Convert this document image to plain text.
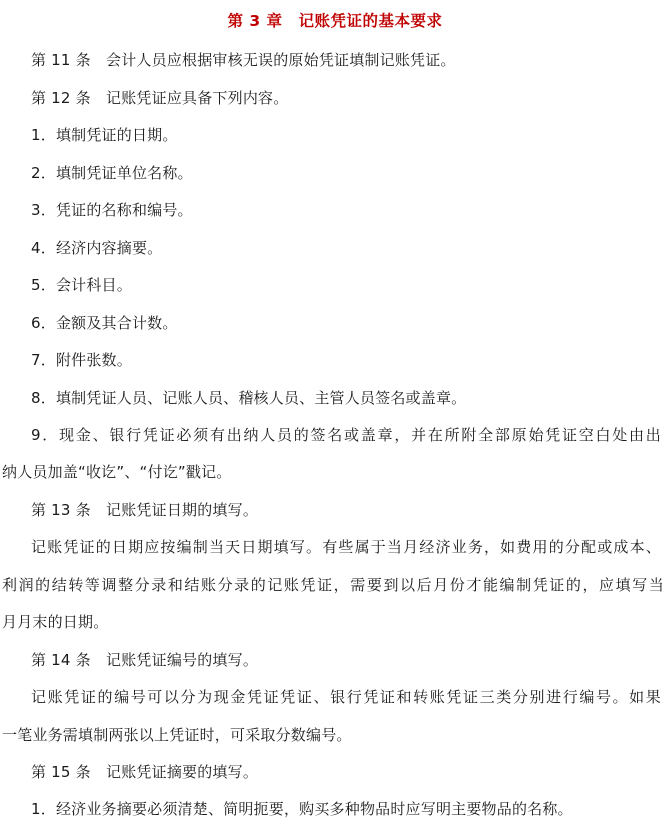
第 3 章　记账凭证的基本要求
第 11 条　会计人员应根据审核无误的原始凭证填制记账凭证。
第 12 条　记账凭证应具备下列内容。
1．填制凭证的日期。
2．填制凭证单位名称。
3．凭证的名称和编号。
4．经济内容摘要。
5．会计科目。
6．金额及其合计数。
7．附件张数。
8．填制凭证人员、记账人员、稽核人员、主管人员签名或盖章。
9．现金、银行凭证必须有出纳人员的签名或盖章，并在所附全部原始凭证空白处由出
纳人员加盖“收讫”、“付讫”戳记。
第 13 条　记账凭证日期的填写。
记账凭证的日期应按编制当天日期填写。有些属于当月经济业务，如费用的分配或成本、
利润的结转等调整分录和结账分录的记账凭证，需要到以后月份才能编制凭证的，应填写当
月月末的日期。
第 14 条　记账凭证编号的填写。
记账凭证的编号可以分为现金凭证凭证、银行凭证和转账凭证三类分别进行编号。如果
一笔业务需填制两张以上凭证时，可采取分数编号。
第 15 条　记账凭证摘要的填写。
1．经济业务摘要必须清楚、简明扼要，购买多种物品时应写明主要物品的名称。
